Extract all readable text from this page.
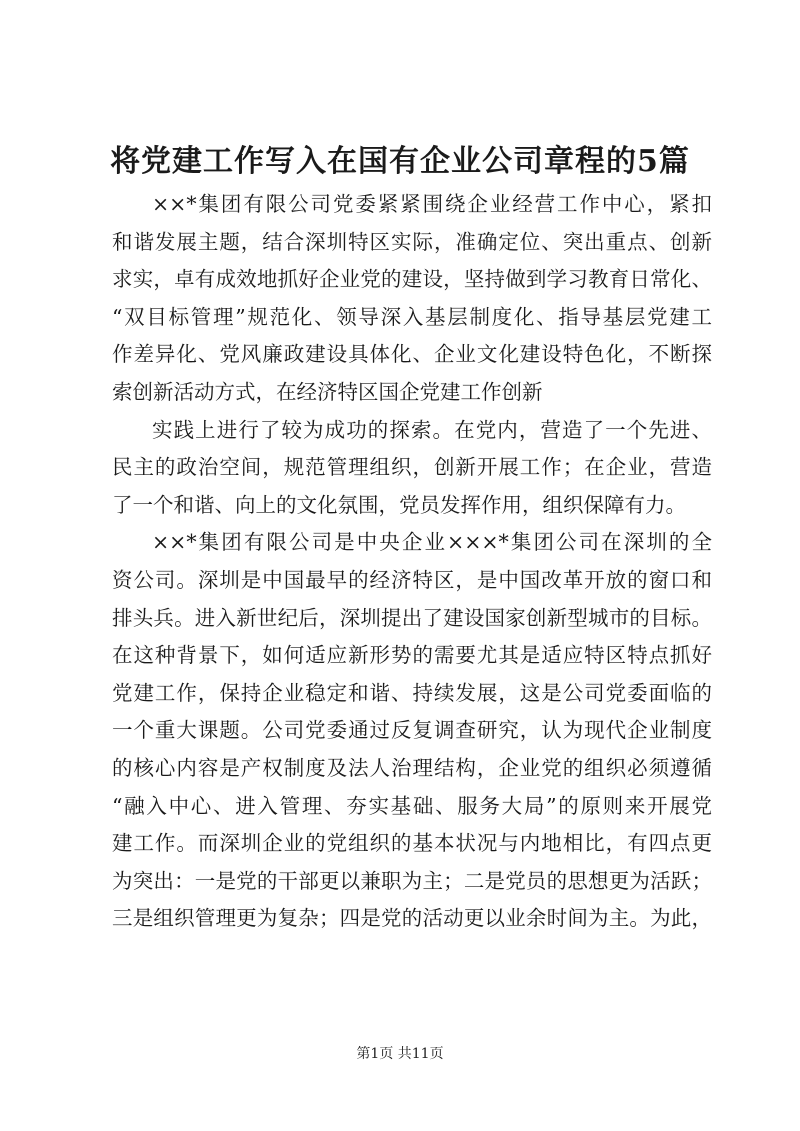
将党建工作写入在国有企业公司章程的5篇
××*集团有限公司党委紧紧围绕企业经营工作中心，紧扣
和谐发展主题，结合深圳特区实际，准确定位、突出重点、创新
求实，卓有成效地抓好企业党的建设，坚持做到学习教育日常化、
“双目标管理”规范化、领导深入基层制度化、指导基层党建工
作差异化、党风廉政建设具体化、企业文化建设特色化，不断探
索创新活动方式，在经济特区国企党建工作创新
实践上进行了较为成功的探索。在党内，营造了一个先进、
民主的政治空间，规范管理组织，创新开展工作；在企业，营造
了一个和谐、向上的文化氛围，党员发挥作用，组织保障有力。
××*集团有限公司是中央企业×××*集团公司在深圳的全
资公司。深圳是中国最早的经济特区，是中国改革开放的窗口和
排头兵。进入新世纪后，深圳提出了建设国家创新型城市的目标。
在这种背景下，如何适应新形势的需要尤其是适应特区特点抓好
党建工作，保持企业稳定和谐、持续发展，这是公司党委面临的
一个重大课题。公司党委通过反复调查研究，认为现代企业制度
的核心内容是产权制度及法人治理结构，企业党的组织必须遵循
“融入中心、进入管理、夯实基础、服务大局”的原则来开展党
建工作。而深圳企业的党组织的基本状况与内地相比，有四点更
为突出：一是党的干部更以兼职为主；二是党员的思想更为活跃；
三是组织管理更为复杂；四是党的活动更以业余时间为主。为此，
第1页 共11页
